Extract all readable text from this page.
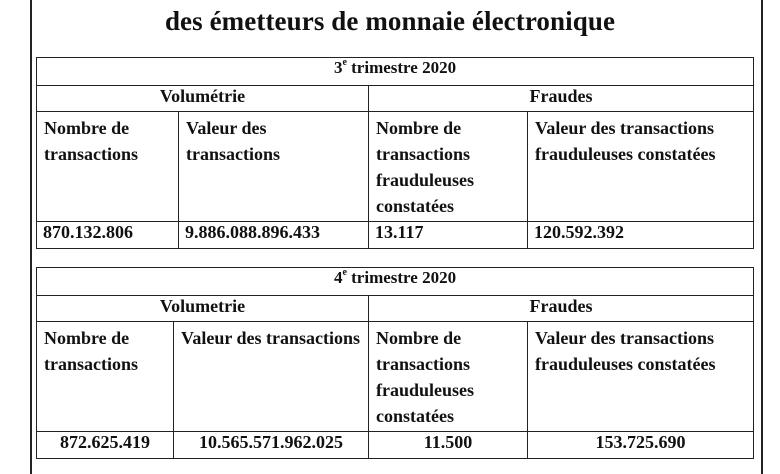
des émetteurs de monnaie électronique
3e trimestre 2020			
Volumétrie		Fraudes	
Nombre de transactions	Valeur des transactions	Nombre de transactions frauduleuses constatées	Valeur des transactions frauduleuses constatées
870.132.806	9.886.088.896.433	13.117	120.592.392
4e trimestre 2020			
Volumetrie		Fraudes	
Nombre de transactions	Valeur des transactions	Nombre de transactions frauduleuses constatées	Valeur des transactions frauduleuses constatées
872.625.419	10.565.571.962.025	11.500	153.725.690
